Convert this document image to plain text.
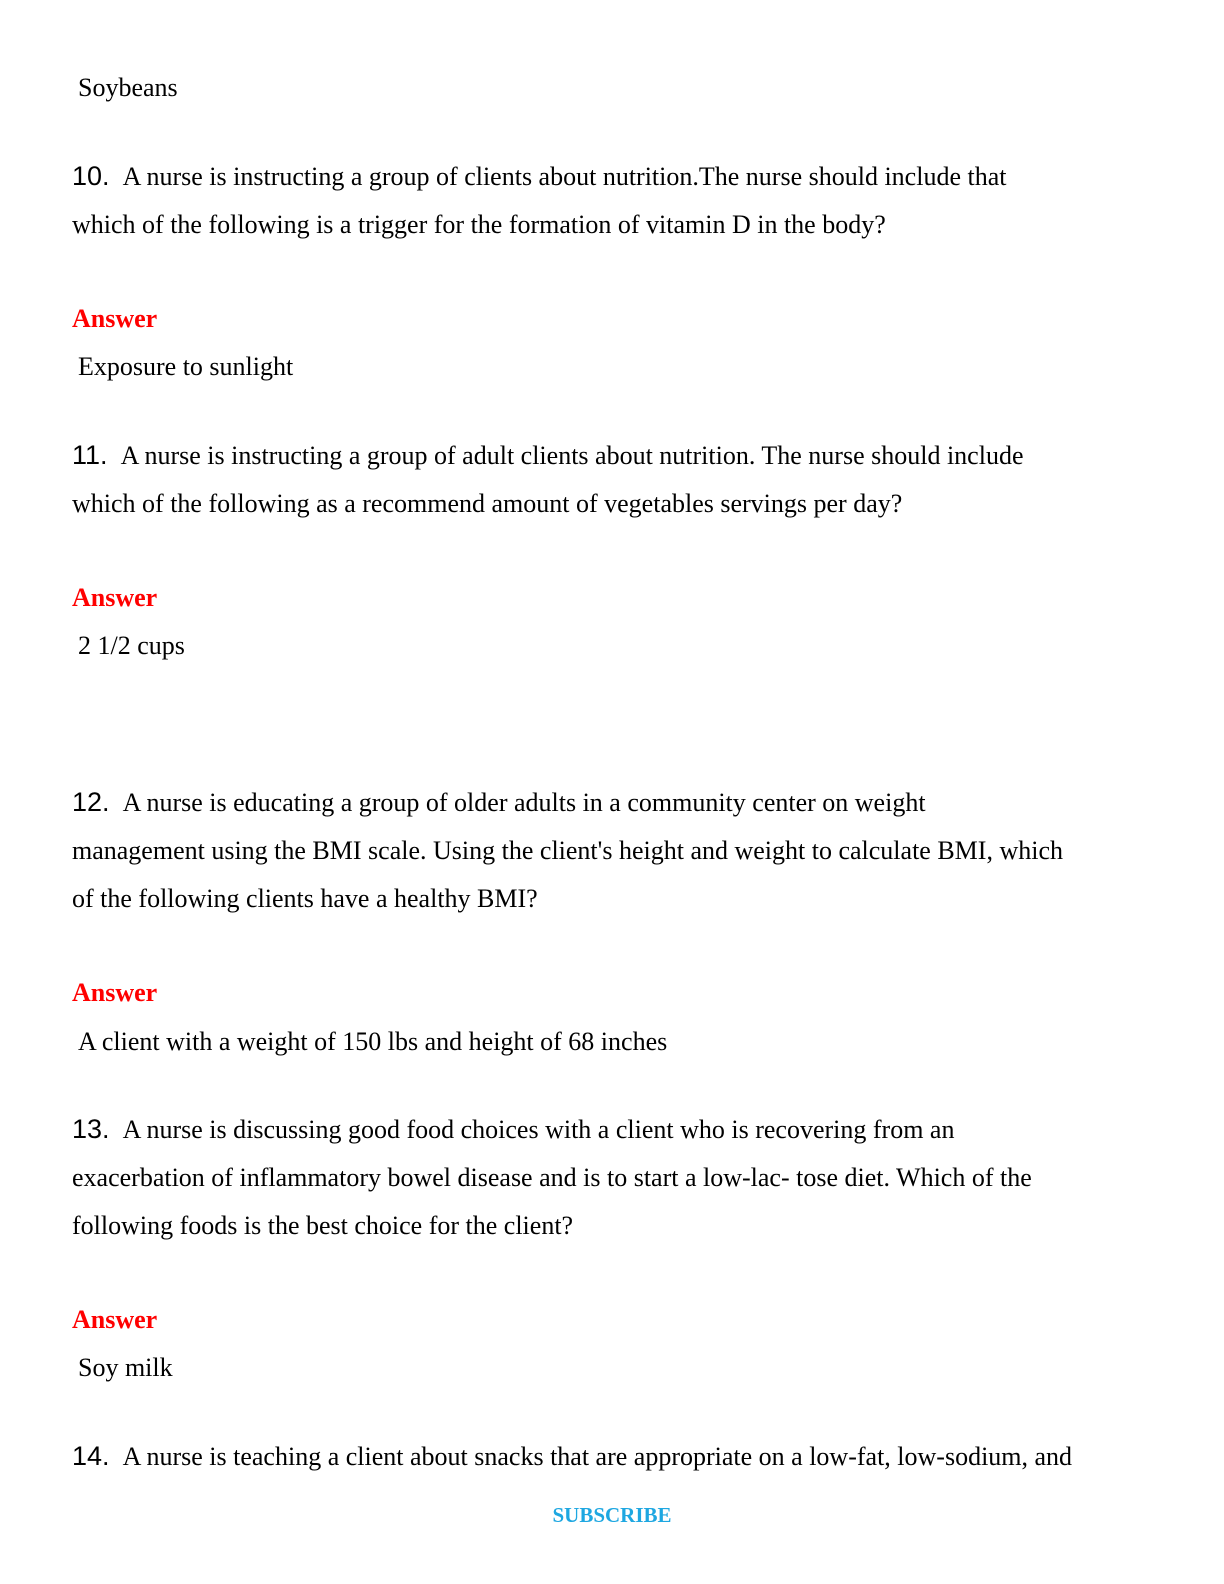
Soybeans
10. A nurse is instructing a group of clients about nutrition.The nurse should include that
which of the following is a trigger for the formation of vitamin D in the body?
Answer
Exposure to sunlight
11. A nurse is instructing a group of adult clients about nutrition. The nurse should include
which of the following as a recommend amount of vegetables servings per day?
Answer
2 1/2 cups
12. A nurse is educating a group of older adults in a community center on weight
management using the BMI scale. Using the client's height and weight to calculate BMI, which
of the following clients have a healthy BMI?
Answer
A client with a weight of 150 lbs and height of 68 inches
13. A nurse is discussing good food choices with a client who is recovering from an
exacerbation of inflammatory bowel disease and is to start a low-lac- tose diet. Which of the
following foods is the best choice for the client?
Answer
Soy milk
14. A nurse is teaching a client about snacks that are appropriate on a low-fat, low-sodium, and
SUBSCRIBE
